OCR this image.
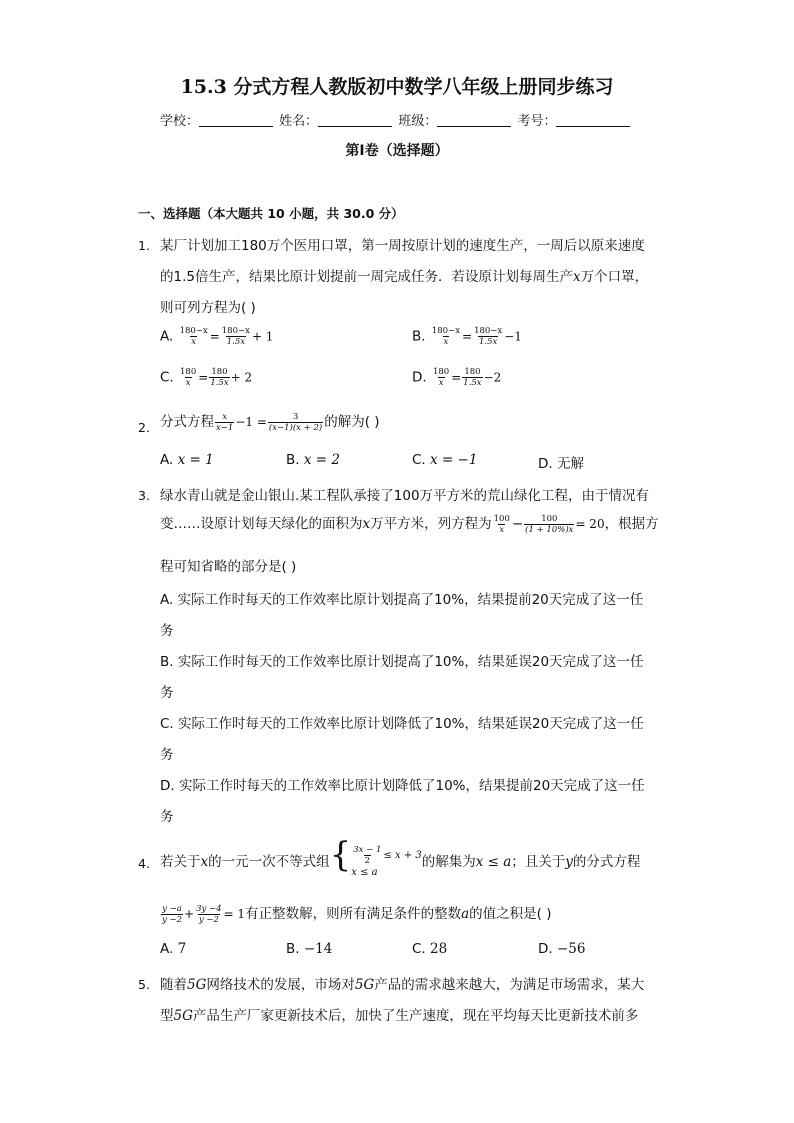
15.3 分式方程人教版初中数学八年级上册同步练习
学校：	姓名：	班级：	考号：
第Ⅰ卷（选择题）
一、选择题（本大题共 10 小题，共 30.0 分）
1. 某厂计划加工180万个医用口罩，第一周按原计划的速度生产，一周后以原来速度
的1.5倍生产，结果比原计划提前一周完成任务．若设原计划每周生产x万个口罩，
则可列方程为( )
A. $\frac{180-x}{x} = \frac{180-x}{1.5x} + 1$	B. $\frac{180-x}{x} = \frac{180-x}{1.5x} -1$
C. $\frac{180}{x} = \frac{180}{1.5x} + 2$	D. $\frac{180}{x} = \frac{180}{1.5x} -2$
2. 分式方程 $\frac{x}{x-1} -1 = \frac{3}{(x-1)(x + 2)}$ 的解为( )
A. x = 1	B. x = 2	C. x = −1	D. 无解
3. 绿水青山就是金山银山.某工程队承接了100万平方米的荒山绿化工程，由于情况有
变……设原计划每天绿化的面积为x万平方米，列方程为 $\frac{100}{x} - \frac{100}{(1 + 10\%)x} = 20$，根据方
程可知省略的部分是( )
A. 实际工作时每天的工作效率比原计划提高了10%，结果提前20天完成了这一任
务
B. 实际工作时每天的工作效率比原计划提高了10%，结果延误20天完成了这一任
务
C. 实际工作时每天的工作效率比原计划降低了10%，结果延误20天完成了这一任
务
D. 实际工作时每天的工作效率比原计划降低了10%，结果提前20天完成了这一任
务
4. 若关于x的一元一次不等式组{ $\frac{3x - 1}{2} \le x + 3$
x ≤ a
的解集为x ≤ a；且关于y的分式方程
$\frac{y -a}{y -2} + \frac{3y -4}{y -2} = 1$有正整数解，则所有满足条件的整数a的值之积是( )
A. 7	B. −14	C. 28	D. −56
5. 随着5G网络技术的发展，市场对5G产品的需求越来越大，为满足市场需求，某大
型5G产品生产厂家更新技术后，加快了生产速度，现在平均每天比更新技术前多
